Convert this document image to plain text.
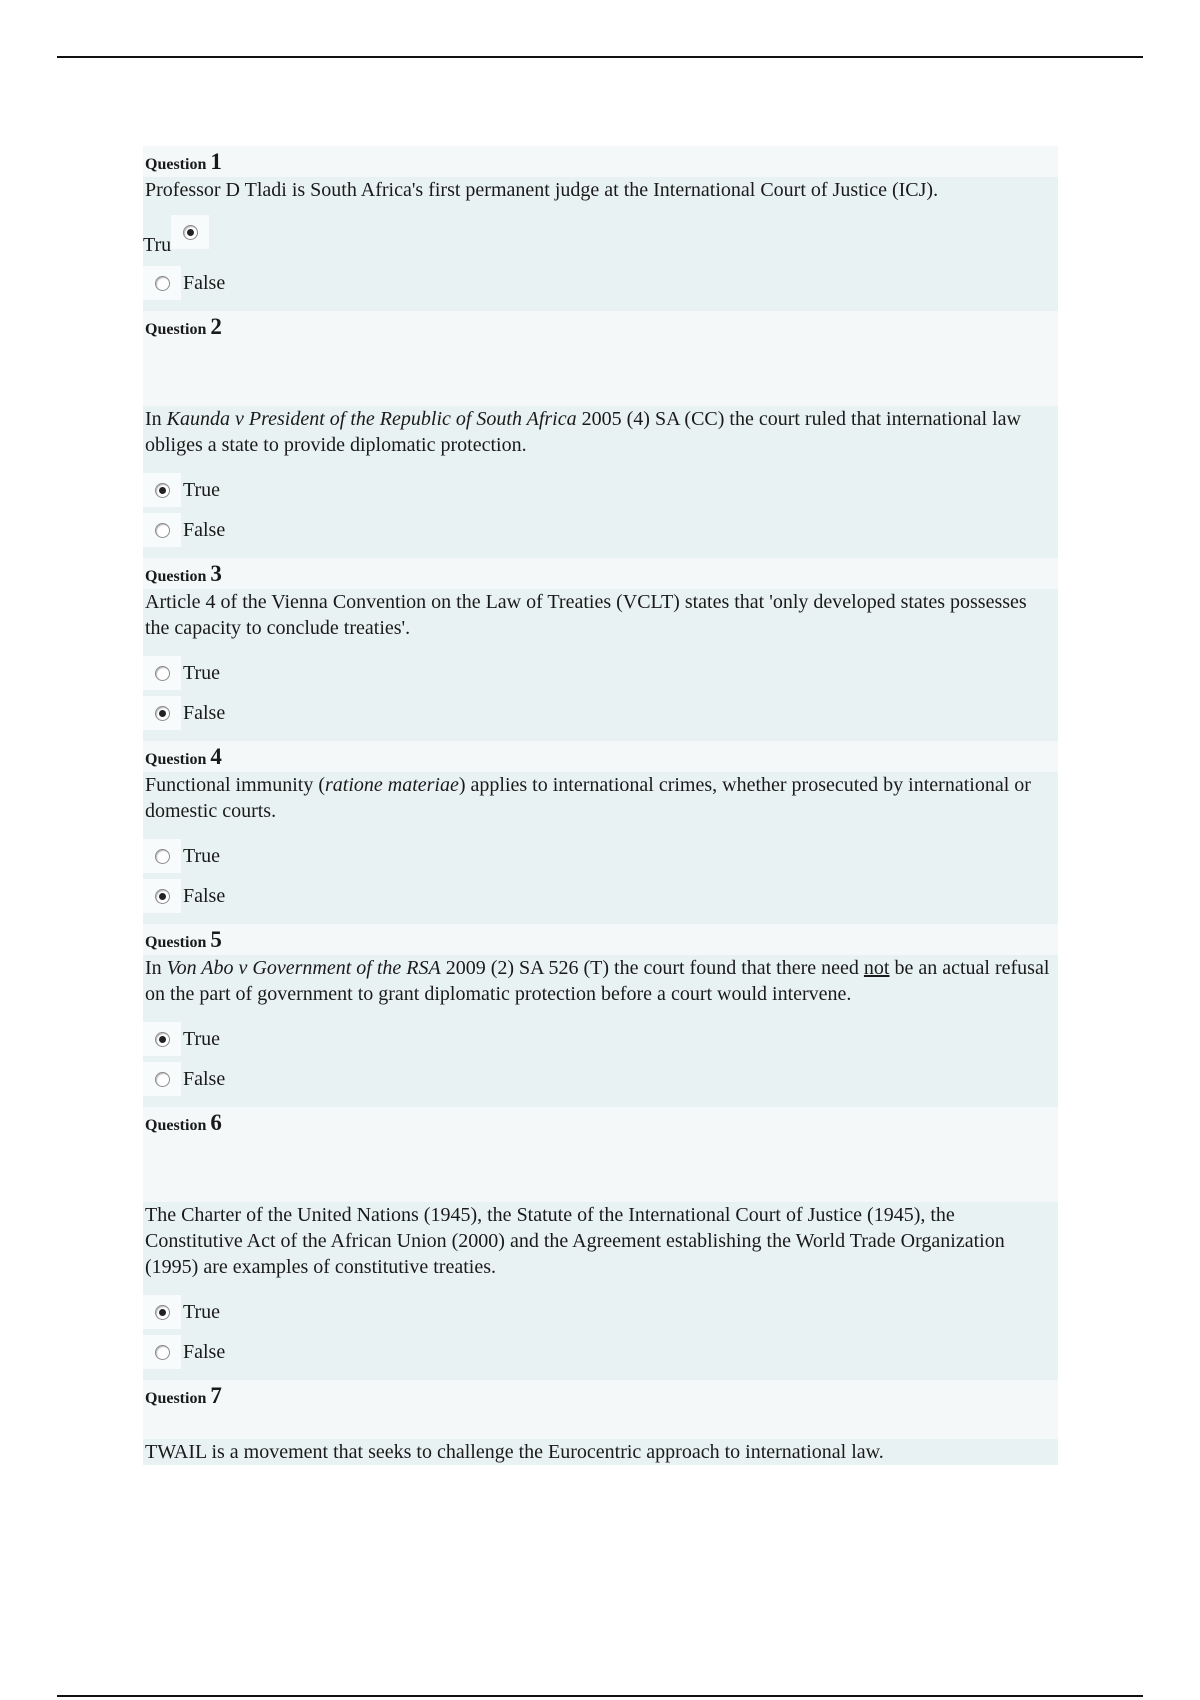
Question 1
Professor D Tladi is South Africa's first permanent judge at the International Court of Justice (ICJ).
Tru
False
Question 2
In Kaunda v President of the Republic of South Africa 2005 (4) SA (CC) the court ruled that international law obliges a state to provide diplomatic protection.
True
False
Question 3
Article 4 of the Vienna Convention on the Law of Treaties (VCLT) states that 'only developed states possesses the capacity to conclude treaties'.
True
False
Question 4
Functional immunity (ratione materiae) applies to international crimes, whether prosecuted by international or domestic courts.
True
False
Question 5
In Von Abo v Government of the RSA 2009 (2) SA 526 (T) the court found that there need not be an actual refusal on the part of government to grant diplomatic protection before a court would intervene.
True
False
Question 6
The Charter of the United Nations (1945), the Statute of the International Court of Justice (1945), the Constitutive Act of the African Union (2000) and the Agreement establishing the World Trade Organization (1995) are examples of constitutive treaties.
True
False
Question 7
TWAIL is a movement that seeks to challenge the Eurocentric approach to international law.
